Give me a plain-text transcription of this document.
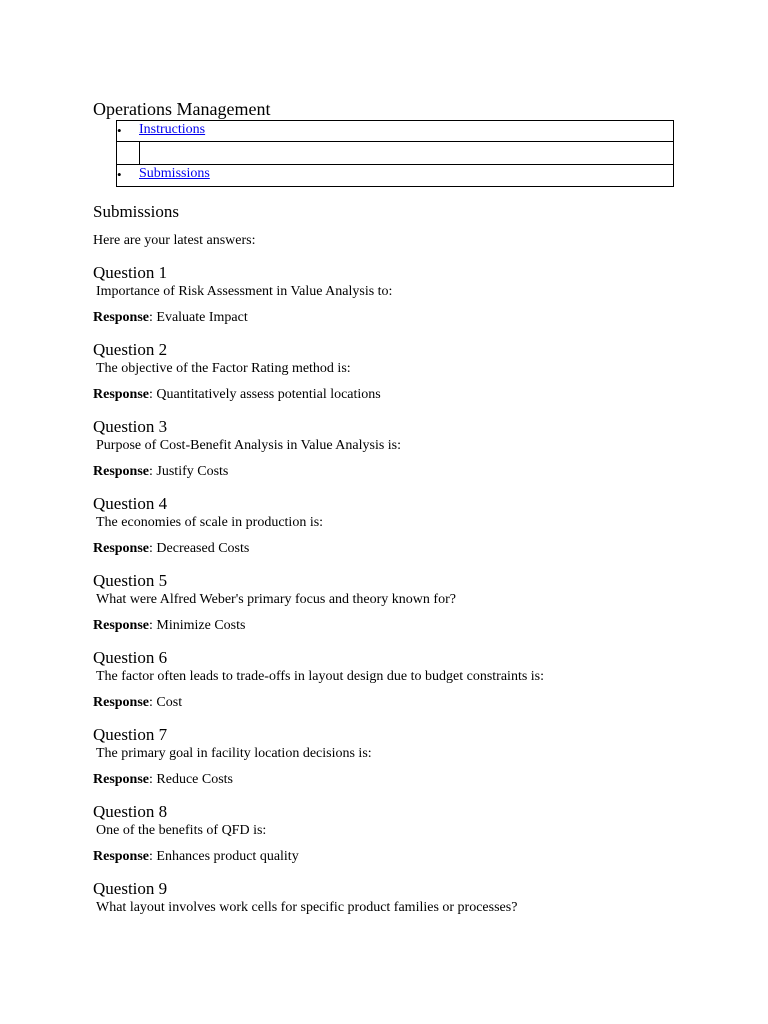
Operations Management
• Instructions
• Submissions
Submissions

Here are your latest answers:

Question 1

Importance of Risk Assessment in Value Analysis to:

Response: Evaluate Impact

Question 2

The objective of the Factor Rating method is:

Response: Quantitatively assess potential locations

Question 3

Purpose of Cost-Benefit Analysis in Value Analysis is:

Response: Justify Costs

Question 4

The economies of scale in production is:

Response: Decreased Costs

Question 5

What were Alfred Weber's primary focus and theory known for?

Response: Minimize Costs

Question 6

The factor often leads to trade-offs in layout design due to budget constraints is:

Response: Cost

Question 7

The primary goal in facility location decisions is:

Response: Reduce Costs

Question 8

One of the benefits of QFD is:

Response: Enhances product quality

Question 9

What layout involves work cells for specific product families or processes?
